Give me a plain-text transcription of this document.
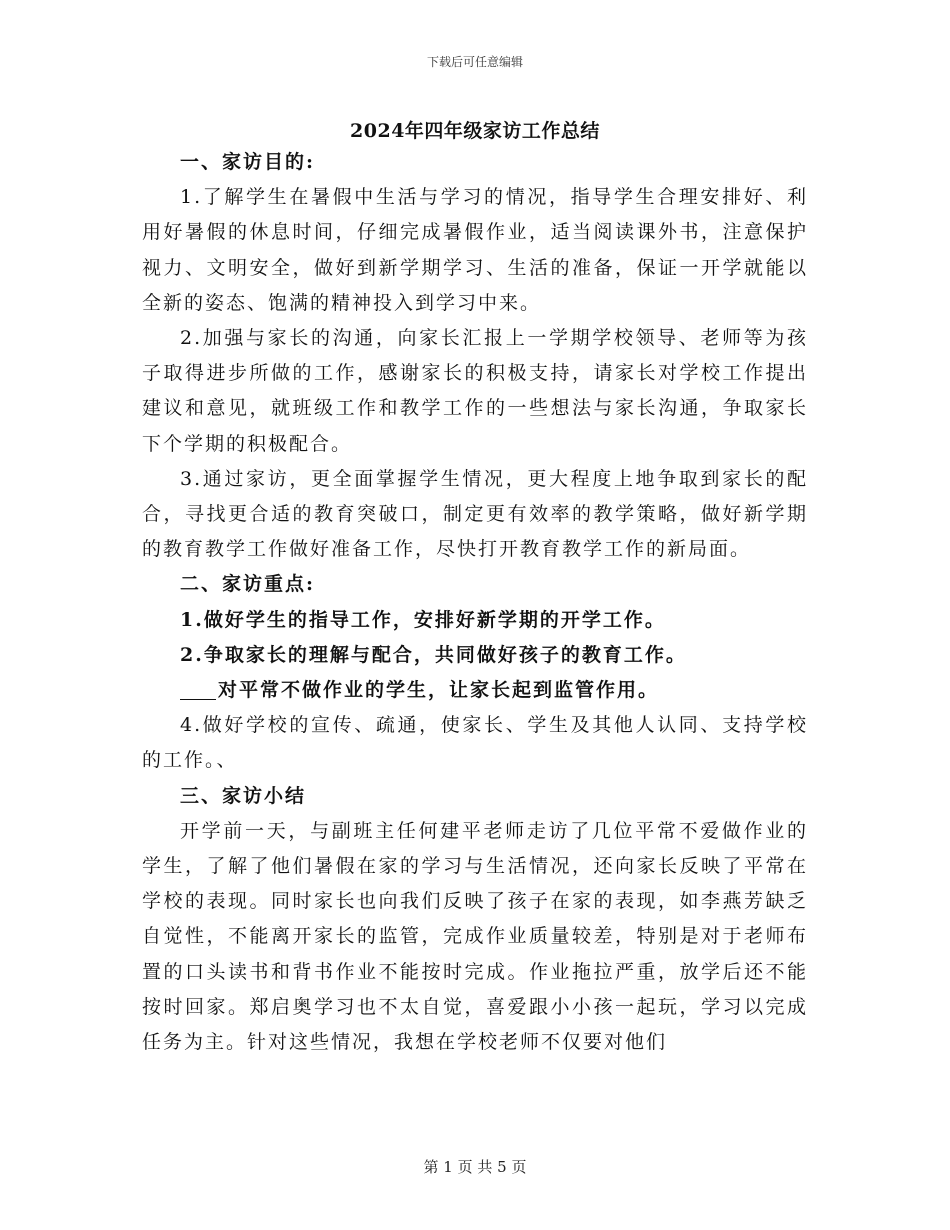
下载后可任意编辑
2024年四年级家访工作总结

一、家访目的:

1.了解学生在暑假中生活与学习的情况，指导学生合理安排好、利用好暑假的休息时间，仔细完成暑假作业，适当阅读课外书，注意保护视力、文明安全，做好到新学期学习、生活的准备，保证一开学就能以全新的姿态、饱满的精神投入到学习中来。

2.加强与家长的沟通，向家长汇报上一学期学校领导、老师等为孩子取得进步所做的工作，感谢家长的积极支持，请家长对学校工作提出建议和意见，就班级工作和教学工作的一些想法与家长沟通，争取家长下个学期的积极配合。

3.通过家访，更全面掌握学生情况，更大程度上地争取到家长的配合，寻找更合适的教育突破口，制定更有效率的教学策略，做好新学期的教育教学工作做好准备工作，尽快打开教育教学工作的新局面。

二、家访重点:

1.做好学生的指导工作，安排好新学期的开学工作。

2.争取家长的理解与配合，共同做好孩子的教育工作。

对平常不做作业的学生，让家长起到监管作用。

4.做好学校的宣传、疏通，使家长、学生及其他人认同、支持学校的工作。、

三、家访小结

开学前一天，与副班主任何建平老师走访了几位平常不爱做作业的学生，了解了他们暑假在家的学习与生活情况，还向家长反映了平常在学校的表现。同时家长也向我们反映了孩子在家的表现，如李燕芳缺乏自觉性，不能离开家长的监管，完成作业质量较差，特别是对于老师布置的口头读书和背书作业不能按时完成。作业拖拉严重，放学后还不能按时回家。郑启奥学习也不太自觉，喜爱跟小小孩一起玩，学习以完成任务为主。针对这些情况，我想在学校老师不仅要对他们

第 1 页 共 5 页
